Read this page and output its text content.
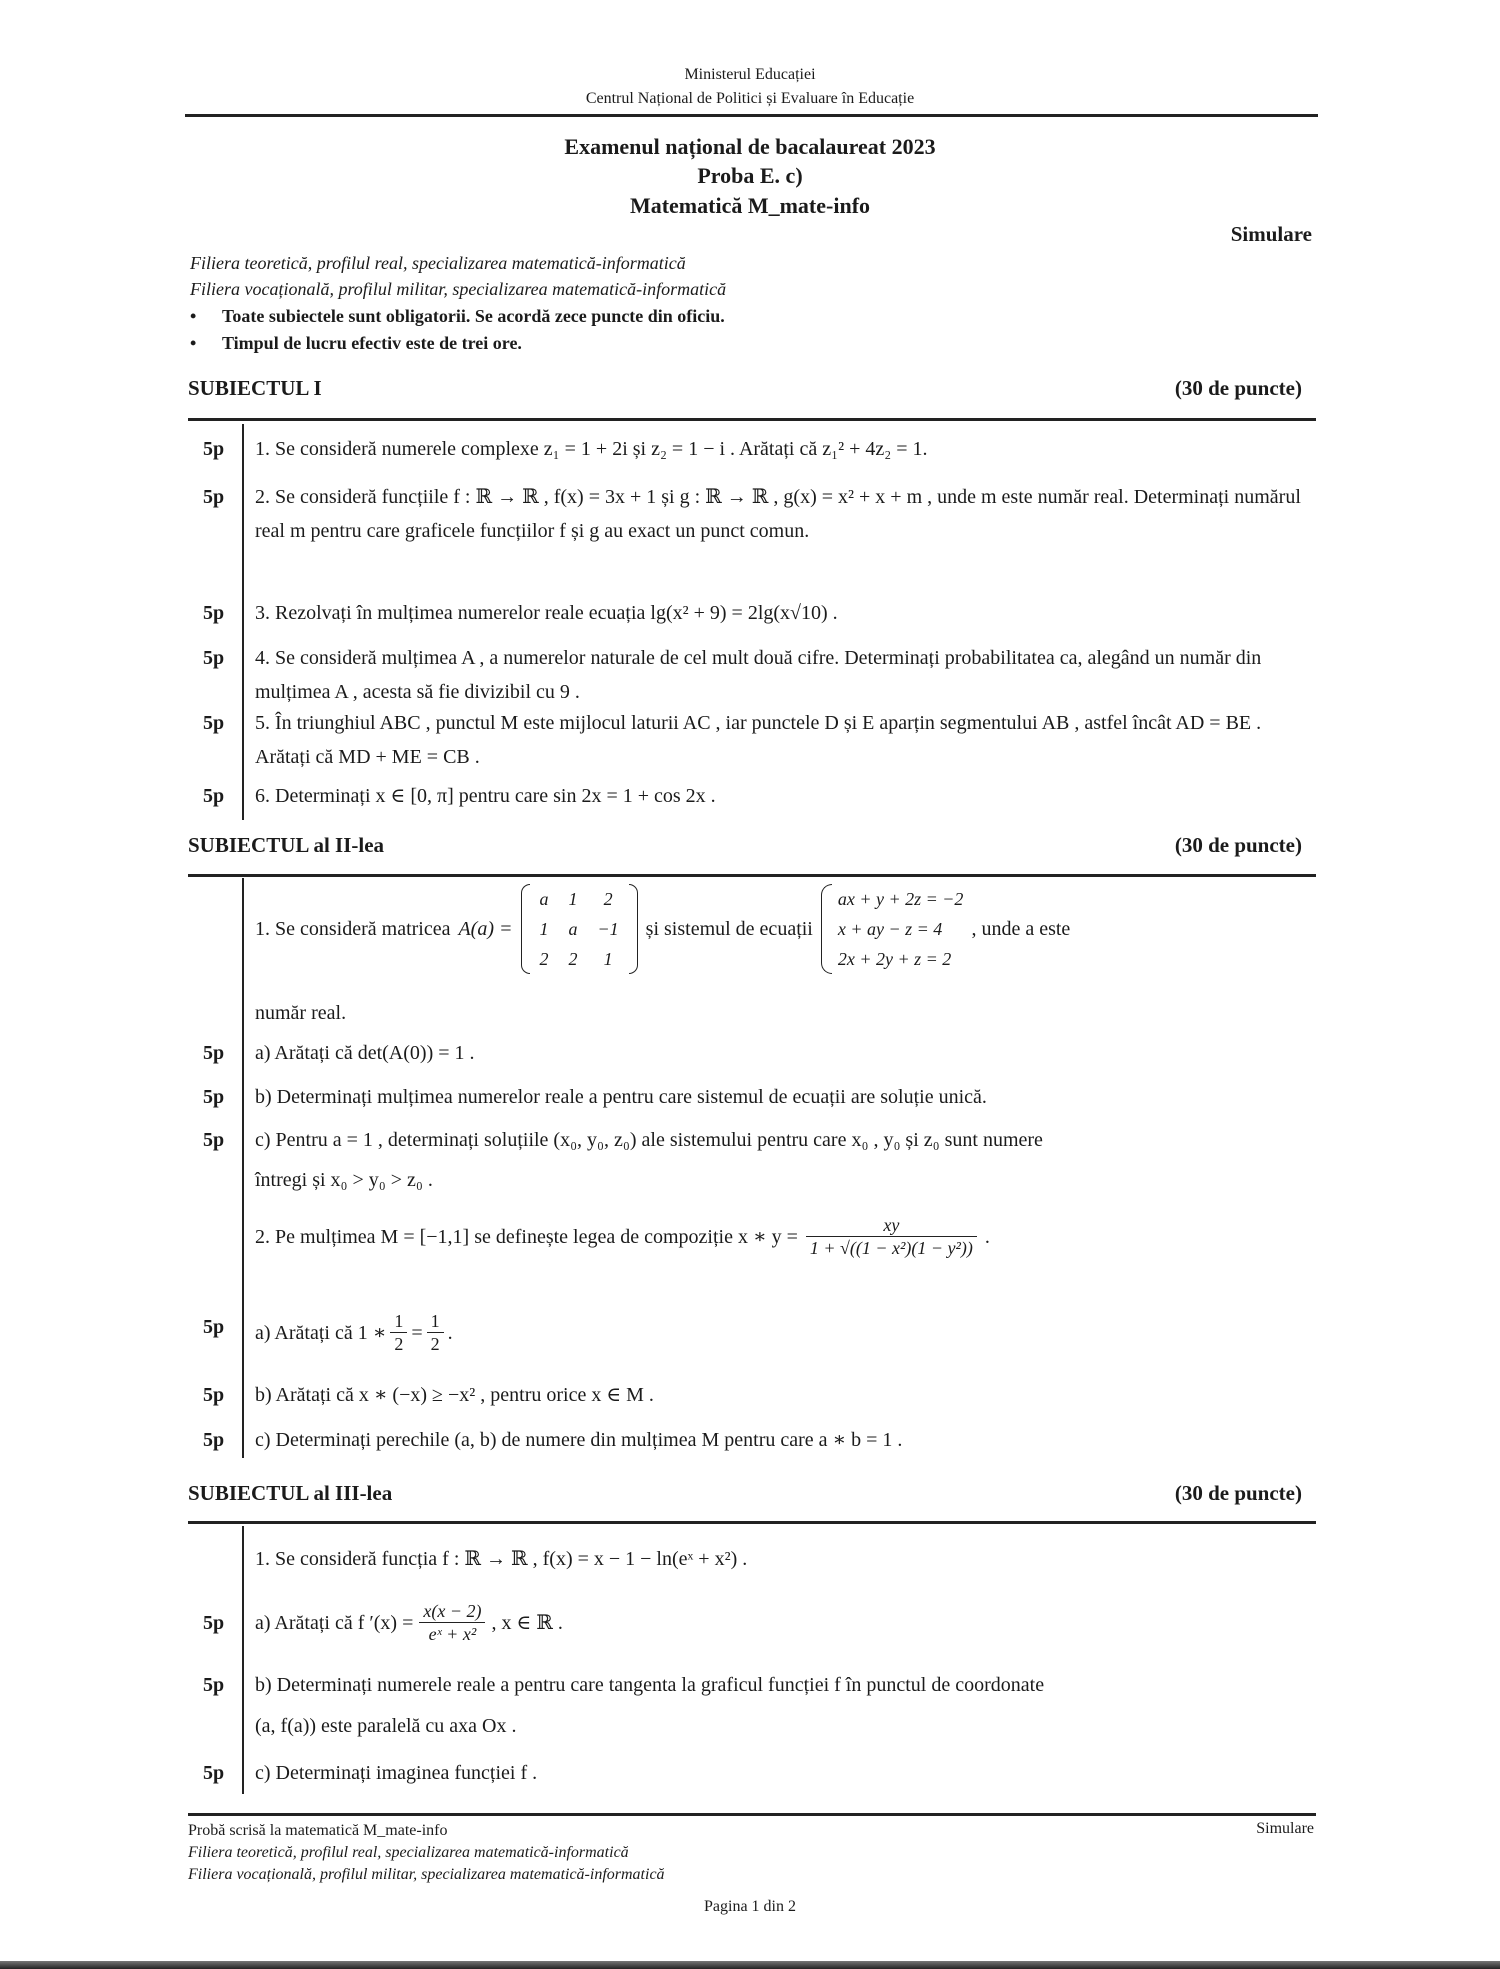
Ministerul Educației
Centrul Național de Politici și Evaluare în Educație
Examenul național de bacalaureat 2023
Proba E. c)
Matematică M_mate-info
Simulare
Filiera teoretică, profilul real, specializarea matematică-informatică
Filiera vocațională, profilul militar, specializarea matematică-informatică
• Toate subiectele sunt obligatorii. Se acordă zece puncte din oficiu.
• Timpul de lucru efectiv este de trei ore.
SUBIECTUL I	(30 de puncte)
5p	1. Se consideră numerele complexe z₁ = 1 + 2i și z₂ = 1 − i . Arătați că z₁² + 4z₂ = 1.
5p	2. Se consideră funcțiile f : ℝ → ℝ , f(x) = 3x + 1 și g : ℝ → ℝ , g(x) = x² + x + m , unde m este număr real. Determinați numărul real m pentru care graficele funcțiilor f și g au exact un punct comun.
5p	3. Rezolvați în mulțimea numerelor reale ecuația lg(x² + 9) = 2lg(x√10) .
5p	4. Se consideră mulțimea A , a numerelor naturale de cel mult două cifre. Determinați probabilitatea ca, alegând un număr din mulțimea A , acesta să fie divizibil cu 9 .
5p	5. În triunghiul ABC , punctul M este mijlocul laturii AC , iar punctele D și E aparțin segmentului AB , astfel încât AD = BE . Arătați că MD + ME = CB .
5p	6. Determinați x ∈ [0, π] pentru care sin 2x = 1 + cos 2x .
SUBIECTUL al II-lea	(30 de puncte)
1. Se consideră matricea A(a) =
a	1	2
1	a	−1
2	2	1
și sistemul de ecuații
ax + y + 2z = −2
x + ay − z = 4
2x + 2y + z = 2
, unde a este
număr real.
5p	a) Arătați că det(A(0)) = 1 .
5p	b) Determinați mulțimea numerelor reale a pentru care sistemul de ecuații are soluție unică.
5p	c) Pentru a = 1 , determinați soluțiile (x₀, y₀, z₀) ale sistemului pentru care x₀ , y₀ și z₀ sunt numere
întregi și x₀ > y₀ > z₀ .
2. Pe mulțimea M = [−1,1] se definește legea de compoziție x ∗ $y = \frac{xy}{\text{1 + √((1 − x²)(1 − y²))}}$ .
5p	a) Arătați că 1 ∗ $\frac{1}{2} = \frac{1}{2}$ .
5p	b) Arătați că x ∗ (−x) ≥ −x² , pentru orice x ∈ M .
5p	c) Determinați perechile (a, b) de numere din mulțimea M pentru care a ∗ b = 1 .
SUBIECTUL al III-lea	(30 de puncte)
1. Se consideră funcția f : ℝ → ℝ , f(x) = x − 1 − ln(eˣ + x²) .
5p	a) Arătați că f $'(x) = \frac{x(x - 2)}{\text{eˣ + x²}}$ , x ∈ ℝ .
5p	b) Determinați numerele reale a pentru care tangenta la graficul funcției f în punctul de coordonate
(a, f(a)) este paralelă cu axa Ox .
5p	c) Determinați imaginea funcției f .
Probă scrisă la matematică M_mate-info
Filiera teoretică, profilul real, specializarea matematică-informatică
Filiera vocațională, profilul militar, specializarea matematică-informatică
Simulare
Pagina 1 din 2
